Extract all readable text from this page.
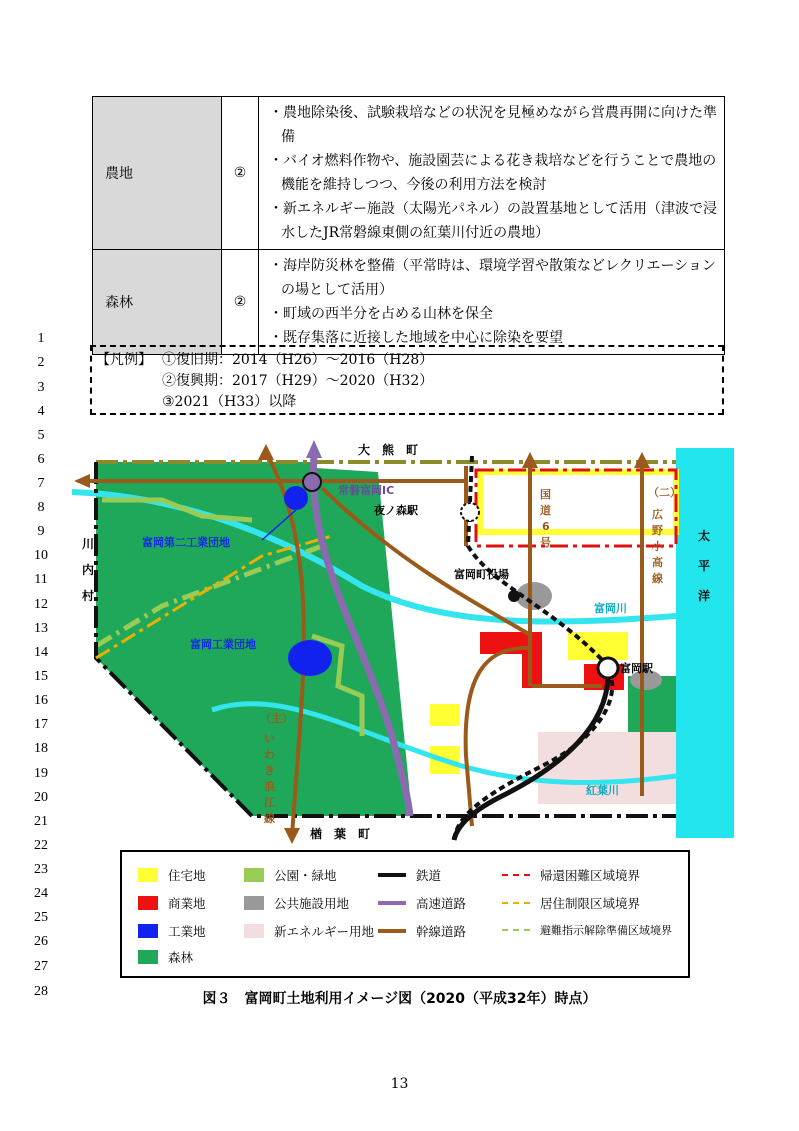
農地	②	・農地除染後、試験栽培などの状況を見極めながら営農再開に向けた準備
・バイオ燃料作物や、施設園芸による花き栽培などを行うことで農地の機能を維持しつつ、今後の利用方法を検討
・新エネルギー施設（太陽光パネル）の設置基地として活用（津波で浸水したJR常磐線東側の紅葉川付近の農地）

森林	②	・海岸防災林を整備（平常時は、環境学習や散策などレクリエーションの場として活用）
・町域の西半分を占める山林を保全
・既存集落に近接した地域を中心に除染を要望
1
2
3
4
5
6
7
8
9
10
11
12
13
14
15
16
17
18
19
20
21
22
23
24
25
26
27
28
【凡例】 ①復旧期：2014（H26）～2016（H28）
②復興期：2017（H29）～2020（H32）
③2021（H33）以降
大　熊　町
楢　葉　町
川
内
村
太
平
洋
常磐富岡IC
夜ノ森駅
富岡町役場
富岡川
富岡駅
紅葉川
富岡第二工業団地
富岡工業団地
国
道
6
号
（二）
広
野
小
高
線
（主）
い
わ
き
浪
江
線
住宅地
商業地
工業地
森林
公園・緑地
公共施設用地
新エネルギー用地
鉄道
高速道路
幹線道路
帰還困難区域境界
居住制限区域境界
避難指示解除準備区域境界
図３　富岡町土地利用イメージ図（2020（平成32年）時点）
13
